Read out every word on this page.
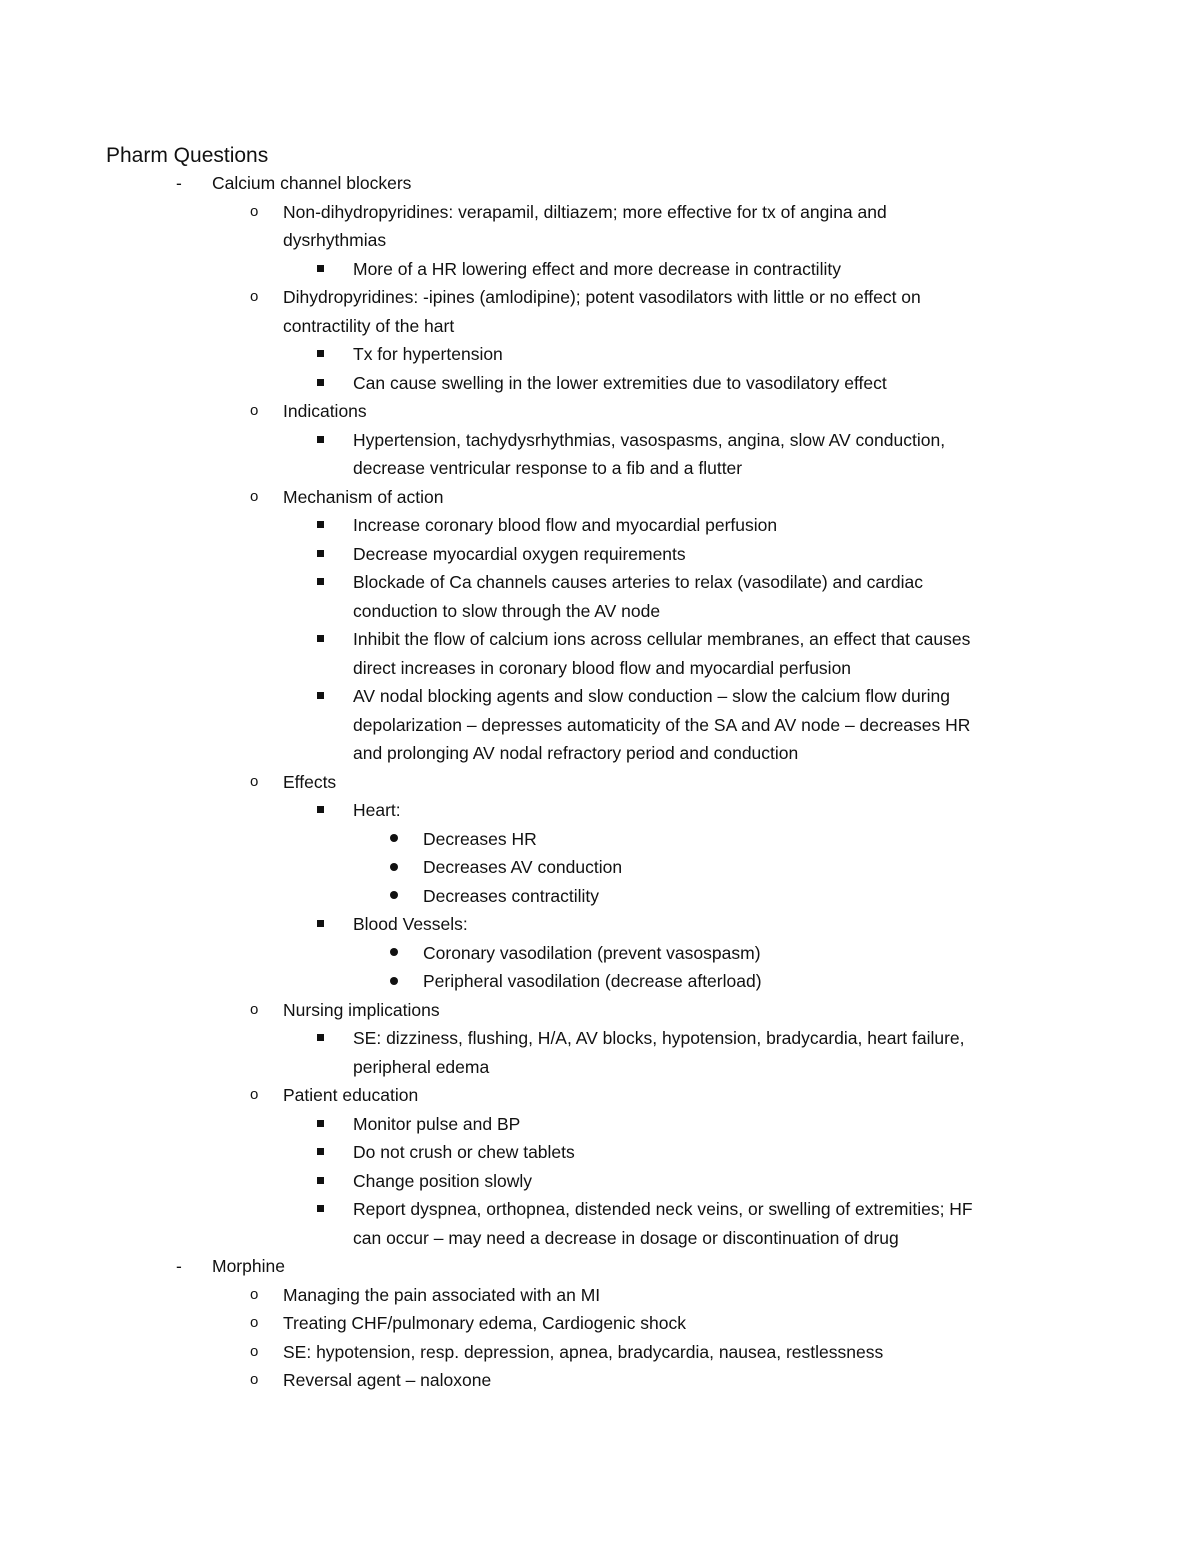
Pharm Questions
- Calcium channel blockers
o Non-dihydropyridines: verapamil, diltiazem; more effective for tx of angina and
dysrhythmias
More of a HR lowering effect and more decrease in contractility
o Dihydropyridines: -ipines (amlodipine); potent vasodilators with little or no effect on
contractility of the hart
Tx for hypertension
Can cause swelling in the lower extremities due to vasodilatory effect
o Indications
Hypertension, tachydysrhythmias, vasospasms, angina, slow AV conduction,
decrease ventricular response to a fib and a flutter
o Mechanism of action
Increase coronary blood flow and myocardial perfusion
Decrease myocardial oxygen requirements
Blockade of Ca channels causes arteries to relax (vasodilate) and cardiac
conduction to slow through the AV node
Inhibit the flow of calcium ions across cellular membranes, an effect that causes
direct increases in coronary blood flow and myocardial perfusion
AV nodal blocking agents and slow conduction – slow the calcium flow during
depolarization – depresses automaticity of the SA and AV node – decreases HR
and prolonging AV nodal refractory period and conduction
o Effects
Heart:
Decreases HR
Decreases AV conduction
Decreases contractility
Blood Vessels:
Coronary vasodilation (prevent vasospasm)
Peripheral vasodilation (decrease afterload)
o Nursing implications
SE: dizziness, flushing, H/A, AV blocks, hypotension, bradycardia, heart failure,
peripheral edema
o Patient education
Monitor pulse and BP
Do not crush or chew tablets
Change position slowly
Report dyspnea, orthopnea, distended neck veins, or swelling of extremities; HF
can occur – may need a decrease in dosage or discontinuation of drug
- Morphine
o Managing the pain associated with an MI
o Treating CHF/pulmonary edema, Cardiogenic shock
o SE: hypotension, resp. depression, apnea, bradycardia, nausea, restlessness
o Reversal agent – naloxone
